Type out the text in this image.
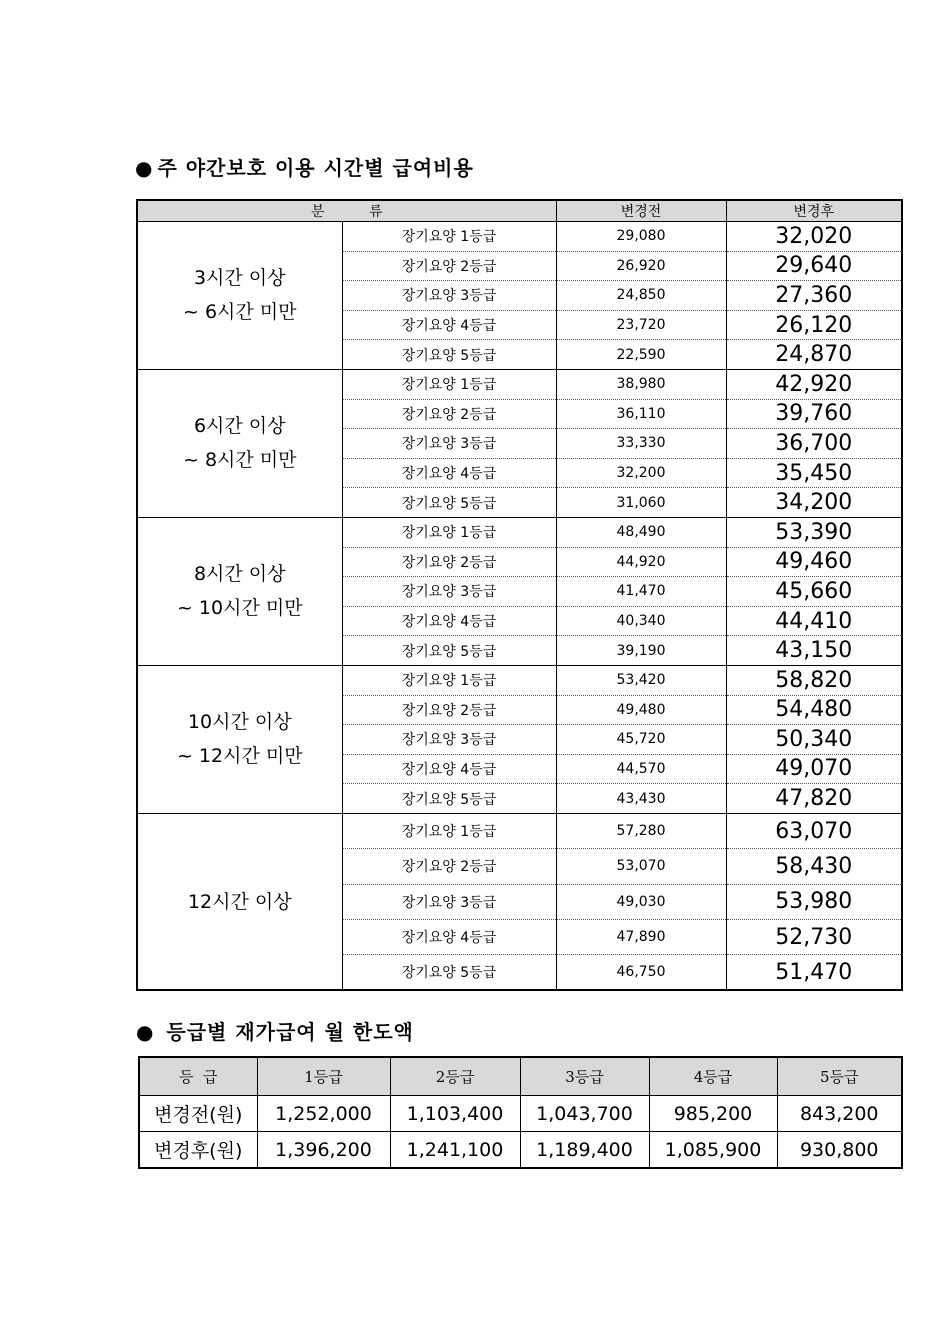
● 주 야간보호 이용 시간별 급여비용
분          류		변경전	변경후
3시간 이상
~ 6시간 미만	장기요양 1등급	29,080	32,020
	장기요양 2등급	26,920	29,640
	장기요양 3등급	24,850	27,360
	장기요양 4등급	23,720	26,120
	장기요양 5등급	22,590	24,870
6시간 이상
~ 8시간 미만	장기요양 1등급	38,980	42,920
	장기요양 2등급	36,110	39,760
	장기요양 3등급	33,330	36,700
	장기요양 4등급	32,200	35,450
	장기요양 5등급	31,060	34,200
8시간 이상
~ 10시간 미만	장기요양 1등급	48,490	53,390
	장기요양 2등급	44,920	49,460
	장기요양 3등급	41,470	45,660
	장기요양 4등급	40,340	44,410
	장기요양 5등급	39,190	43,150
10시간 이상
~ 12시간 미만	장기요양 1등급	53,420	58,820
	장기요양 2등급	49,480	54,480
	장기요양 3등급	45,720	50,340
	장기요양 4등급	44,570	49,070
	장기요양 5등급	43,430	47,820
12시간 이상	장기요양 1등급	57,280	63,070
	장기요양 2등급	53,070	58,430
	장기요양 3등급	49,030	53,980
	장기요양 4등급	47,890	52,730
	장기요양 5등급	46,750	51,470
● 등급별 재가급여 월 한도액
등  급	1등급	2등급	3등급	4등급	5등급
변경전(원)	1,252,000	1,103,400	1,043,700	985,200	843,200
변경후(원)	1,396,200	1,241,100	1,189,400	1,085,900	930,800
